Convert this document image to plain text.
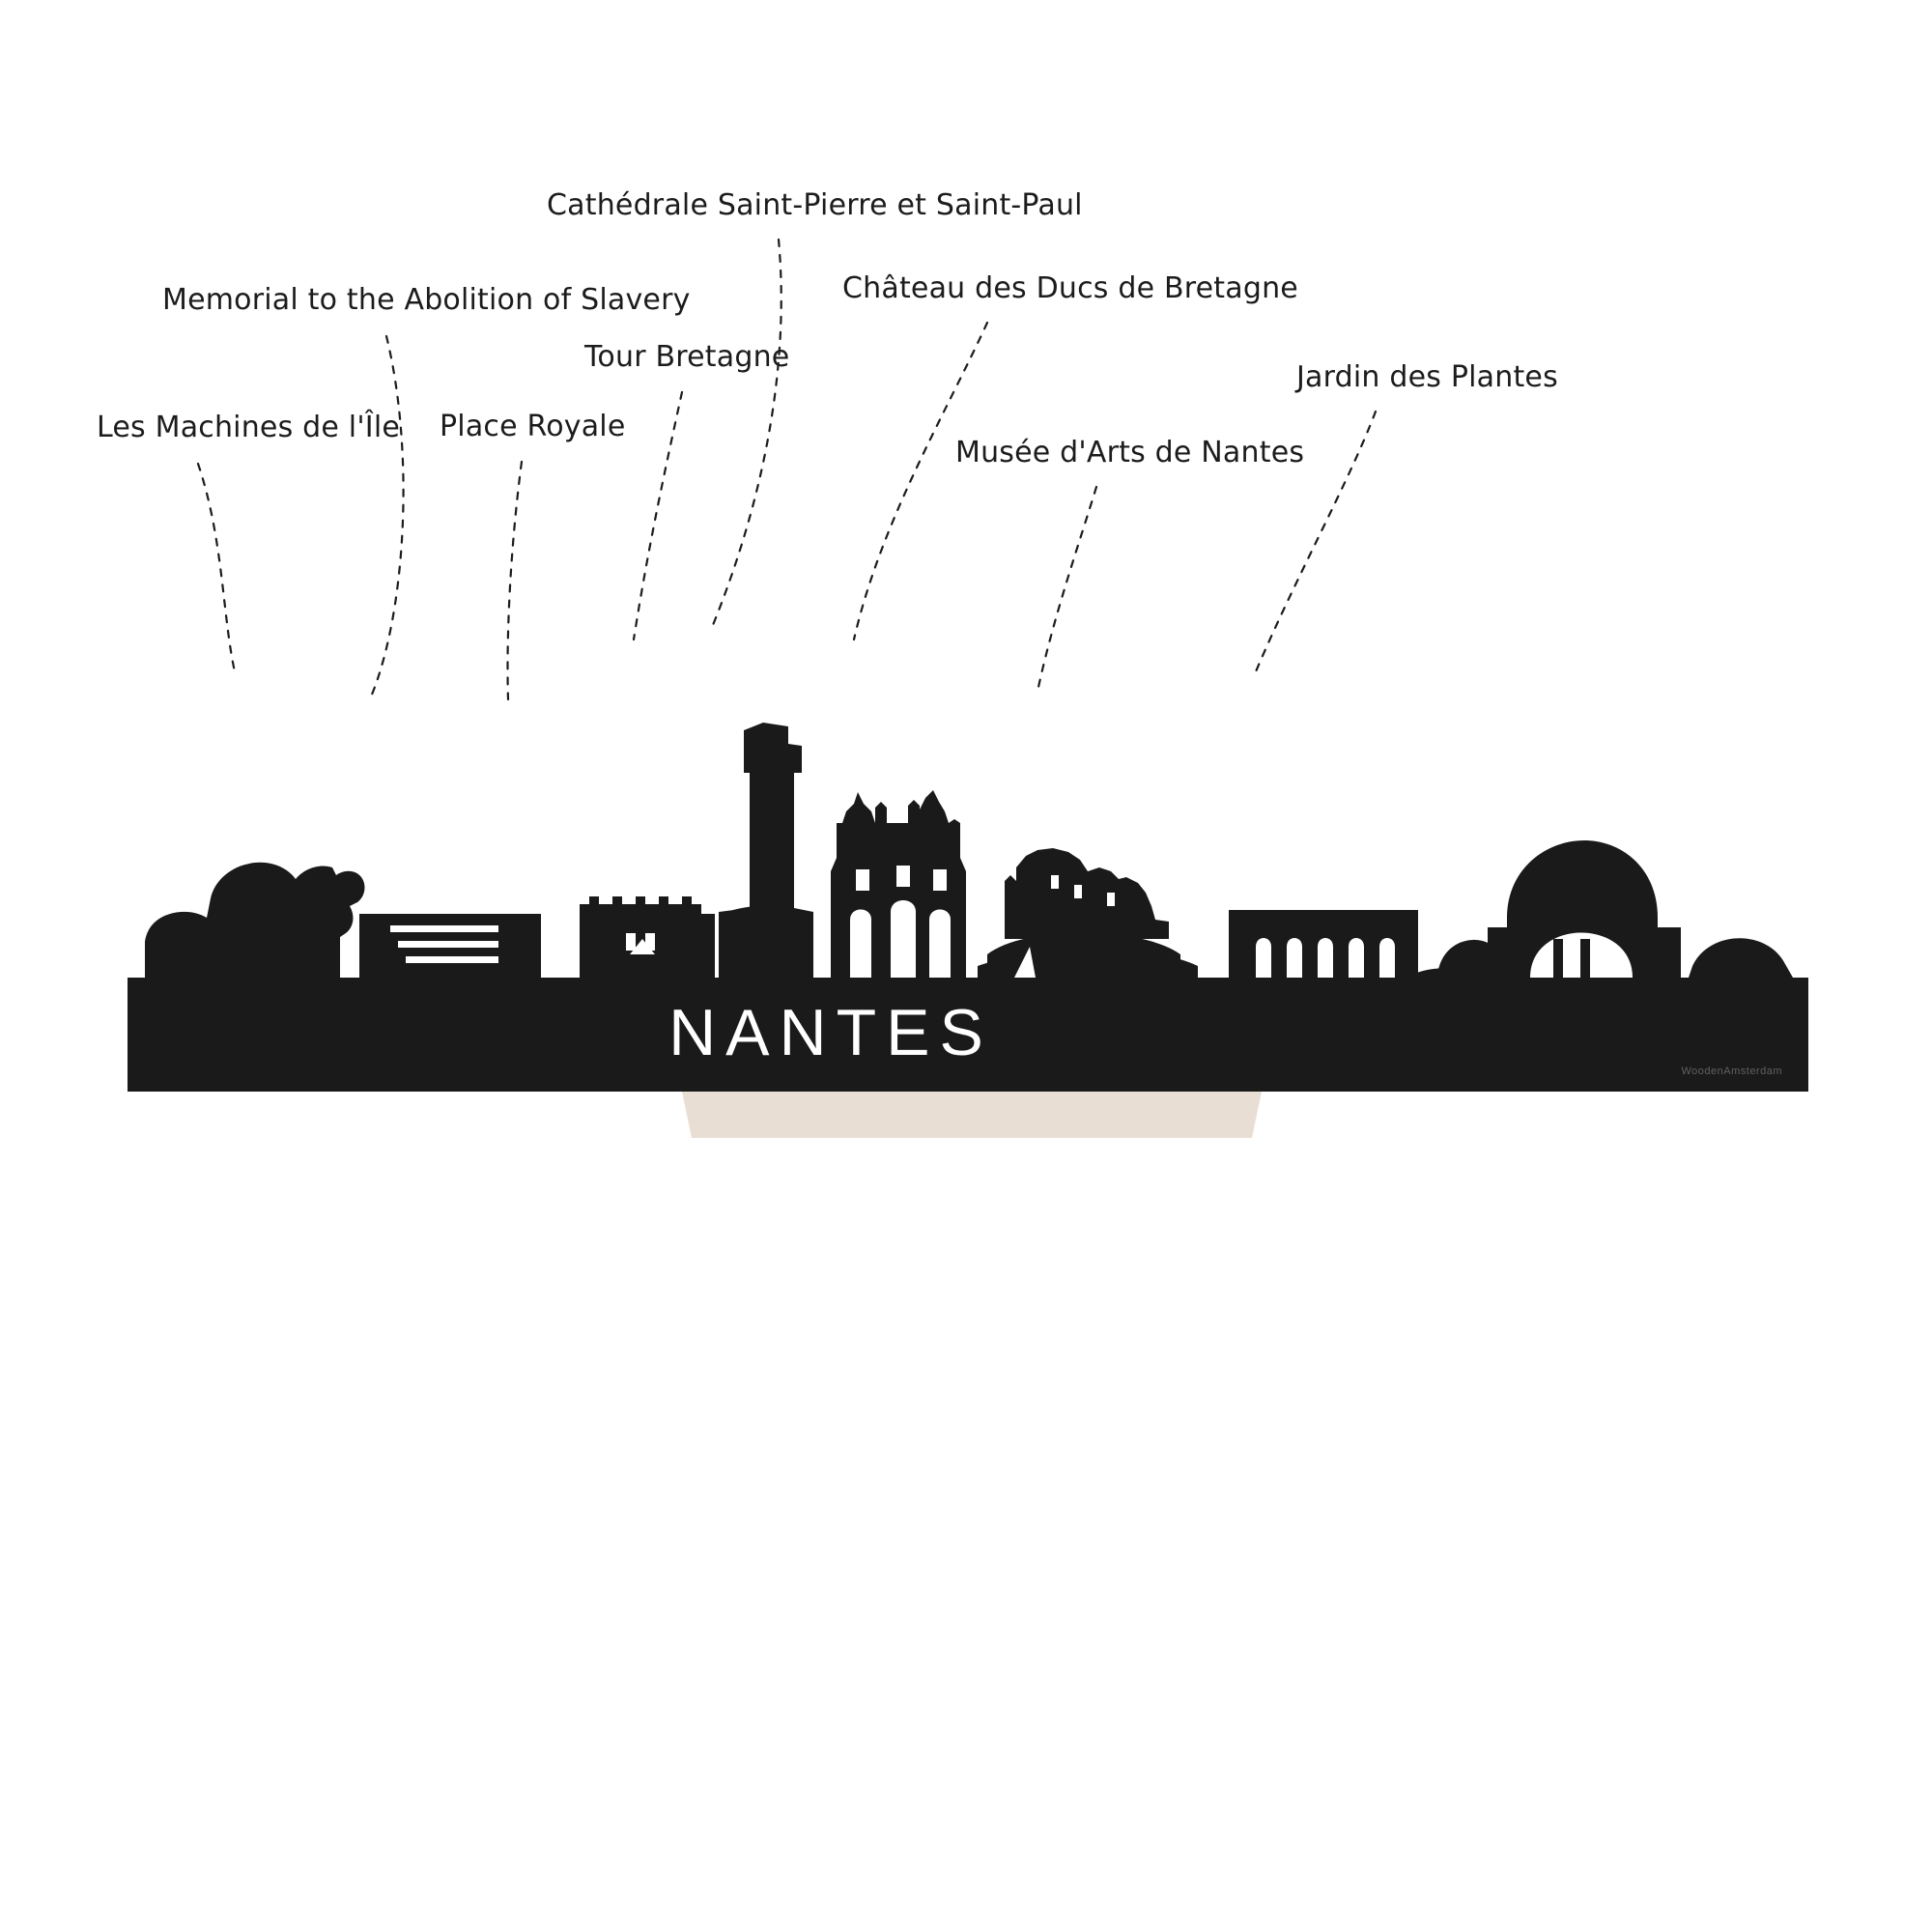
NANTES
WoodenAmsterdam
Les Machines de l'Île
Memorial to the Abolition of Slavery
Place Royale
Tour Bretagne
Cathédrale Saint-Pierre et Saint-Paul
Château des Ducs de Bretagne
Musée d'Arts de Nantes
Jardin des Plantes
